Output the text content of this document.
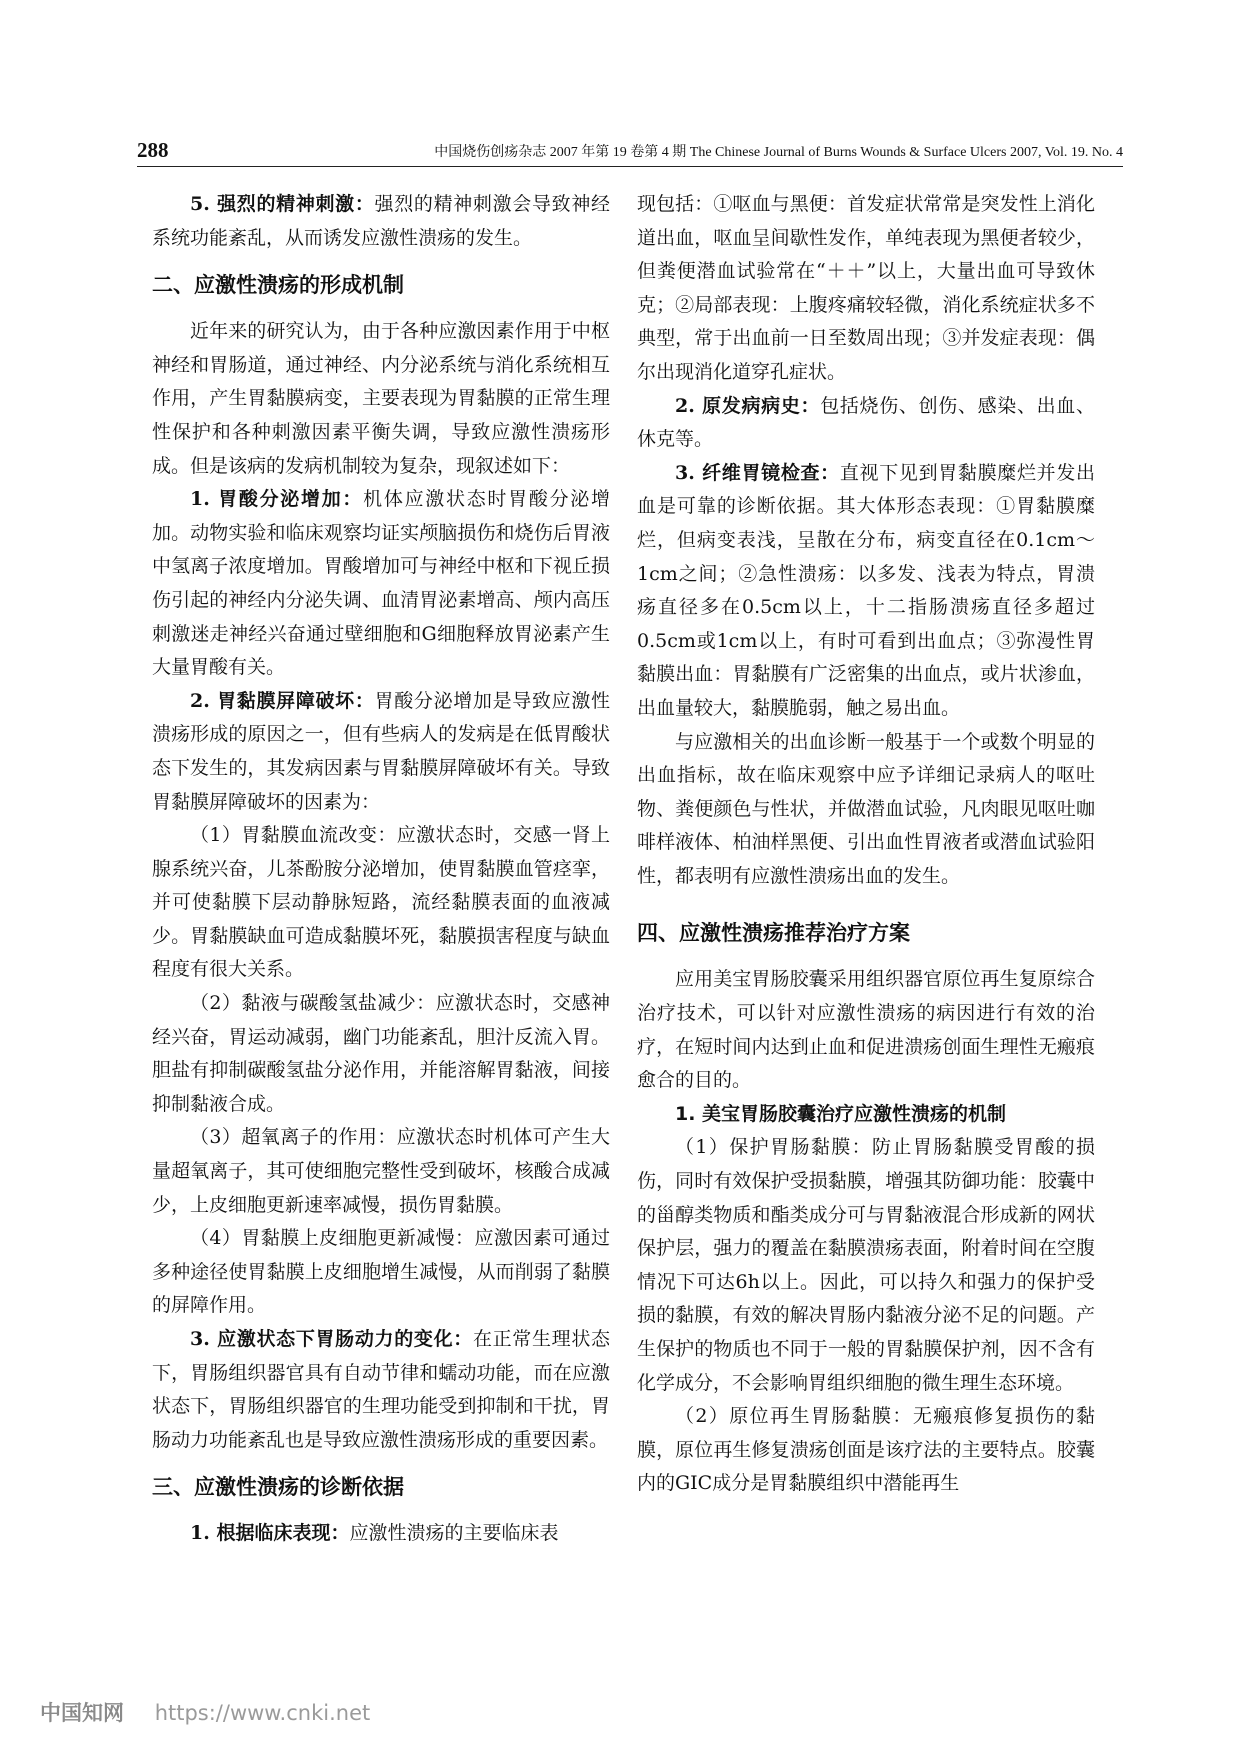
288	中国烧伤创疡杂志 2007 年第 19 卷第 4 期 The Chinese Journal of Burns Wounds & Surface Ulcers 2007, Vol. 19. No. 4

5. 强烈的精神刺激：强烈的精神刺激会导致神经系统功能紊乱，从而诱发应激性溃疡的发生。

二、应激性溃疡的形成机制

近年来的研究认为，由于各种应激因素作用于中枢神经和胃肠道，通过神经、内分泌系统与消化系统相互作用，产生胃黏膜病变，主要表现为胃黏膜的正常生理性保护和各种刺激因素平衡失调，导致应激性溃疡形成。但是该病的发病机制较为复杂，现叙述如下：

1. 胃酸分泌增加：机体应激状态时胃酸分泌增加。动物实验和临床观察均证实颅脑损伤和烧伤后胃液中氢离子浓度增加。胃酸增加可与神经中枢和下视丘损伤引起的神经内分泌失调、血清胃泌素增高、颅内高压刺激迷走神经兴奋通过壁细胞和G细胞释放胃泌素产生大量胃酸有关。

2. 胃黏膜屏障破坏：胃酸分泌增加是导致应激性溃疡形成的原因之一，但有些病人的发病是在低胃酸状态下发生的，其发病因素与胃黏膜屏障破坏有关。导致胃黏膜屏障破坏的因素为：

（1）胃黏膜血流改变：应激状态时，交感一肾上腺系统兴奋，儿茶酚胺分泌增加，使胃黏膜血管痉挛，并可使黏膜下层动静脉短路，流经黏膜表面的血液减少。胃黏膜缺血可造成黏膜坏死，黏膜损害程度与缺血程度有很大关系。

（2）黏液与碳酸氢盐减少：应激状态时，交感神经兴奋，胃运动减弱，幽门功能紊乱，胆汁反流入胃。胆盐有抑制碳酸氢盐分泌作用，并能溶解胃黏液，间接抑制黏液合成。

（3）超氧离子的作用：应激状态时机体可产生大量超氧离子，其可使细胞完整性受到破坏，核酸合成减少，上皮细胞更新速率减慢，损伤胃黏膜。

（4）胃黏膜上皮细胞更新减慢：应激因素可通过多种途径使胃黏膜上皮细胞增生减慢，从而削弱了黏膜的屏障作用。

3. 应激状态下胃肠动力的变化：在正常生理状态下，胃肠组织器官具有自动节律和蠕动功能，而在应激状态下，胃肠组织器官的生理功能受到抑制和干扰，胃肠动力功能紊乱也是导致应激性溃疡形成的重要因素。

三、应激性溃疡的诊断依据

1. 根据临床表现：应激性溃疡的主要临床表

现包括：①呕血与黑便：首发症状常常是突发性上消化道出血，呕血呈间歇性发作，单纯表现为黑便者较少，但粪便潜血试验常在“＋＋”以上，大量出血可导致休克；②局部表现：上腹疼痛较轻微，消化系统症状多不典型，常于出血前一日至数周出现；③并发症表现：偶尔出现消化道穿孔症状。

2. 原发病病史：包括烧伤、创伤、感染、出血、休克等。

3. 纤维胃镜检查：直视下见到胃黏膜糜烂并发出血是可靠的诊断依据。其大体形态表现：①胃黏膜糜烂，但病变表浅，呈散在分布，病变直径在0.1cm～1cm之间；②急性溃疡：以多发、浅表为特点，胃溃疡直径多在0.5cm以上，十二指肠溃疡直径多超过0.5cm或1cm以上，有时可看到出血点；③弥漫性胃黏膜出血：胃黏膜有广泛密集的出血点，或片状渗血，出血量较大，黏膜脆弱，触之易出血。

与应激相关的出血诊断一般基于一个或数个明显的出血指标，故在临床观察中应予详细记录病人的呕吐物、粪便颜色与性状，并做潜血试验，凡肉眼见呕吐咖啡样液体、柏油样黑便、引出血性胃液者或潜血试验阳性，都表明有应激性溃疡出血的发生。

四、应激性溃疡推荐治疗方案

应用美宝胃肠胶囊采用组织器官原位再生复原综合治疗技术，可以针对应激性溃疡的病因进行有效的治疗，在短时间内达到止血和促进溃疡创面生理性无瘢痕愈合的目的。

1. 美宝胃肠胶囊治疗应激性溃疡的机制

（1）保护胃肠黏膜：防止胃肠黏膜受胃酸的损伤，同时有效保护受损黏膜，增强其防御功能：胶囊中的甾醇类物质和酯类成分可与胃黏液混合形成新的网状保护层，强力的覆盖在黏膜溃疡表面，附着时间在空腹情况下可达6h以上。因此，可以持久和强力的保护受损的黏膜，有效的解决胃肠内黏液分泌不足的问题。产生保护的物质也不同于一般的胃黏膜保护剂，因不含有化学成分，不会影响胃组织细胞的微生理生态环境。

（2）原位再生胃肠黏膜：无瘢痕修复损伤的黏膜，原位再生修复溃疡创面是该疗法的主要特点。胶囊内的GIC成分是胃黏膜组织中潜能再生

中国知网 https://www.cnki.net
